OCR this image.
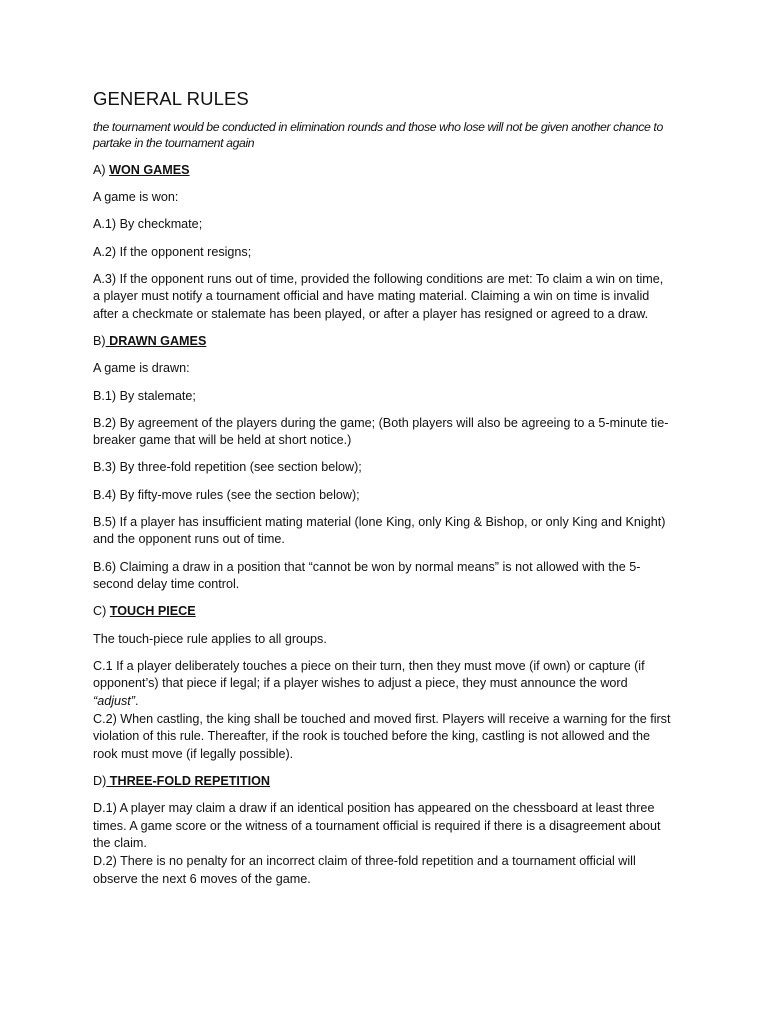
GENERAL RULES

the tournament would be conducted in elimination rounds and those who lose will not be given another chance to partake in the tournament again

A) WON GAMES

A game is won:

A.1) By checkmate;

A.2) If the opponent resigns;

A.3) If the opponent runs out of time, provided the following conditions are met: To claim a win on time, a player must notify a tournament official and have mating material. Claiming a win on time is invalid after a checkmate or stalemate has been played, or after a player has resigned or agreed to a draw.

B) DRAWN GAMES

A game is drawn:

B.1) By stalemate;

B.2) By agreement of the players during the game; (Both players will also be agreeing to a 5-minute tie-breaker game that will be held at short notice.)

B.3) By three-fold repetition (see section below);

B.4) By fifty-move rules (see the section below);

B.5) If a player has insufficient mating material (lone King, only King & Bishop, or only King and Knight) and the opponent runs out of time.

B.6) Claiming a draw in a position that “cannot be won by normal means” is not allowed with the 5-second delay time control.

C) TOUCH PIECE

The touch-piece rule applies to all groups.

C.1 If a player deliberately touches a piece on their turn, then they must move (if own) or capture (if opponent’s) that piece if legal; if a player wishes to adjust a piece, they must announce the word “adjust”.

C.2) When castling, the king shall be touched and moved first. Players will receive a warning for the first violation of this rule. Thereafter, if the rook is touched before the king, castling is not allowed and the rook must move (if legally possible).

D) THREE-FOLD REPETITION

D.1) A player may claim a draw if an identical position has appeared on the chessboard at least three times. A game score or the witness of a tournament official is required if there is a disagreement about the claim.

D.2) There is no penalty for an incorrect claim of three-fold repetition and a tournament official will observe the next 6 moves of the game.
